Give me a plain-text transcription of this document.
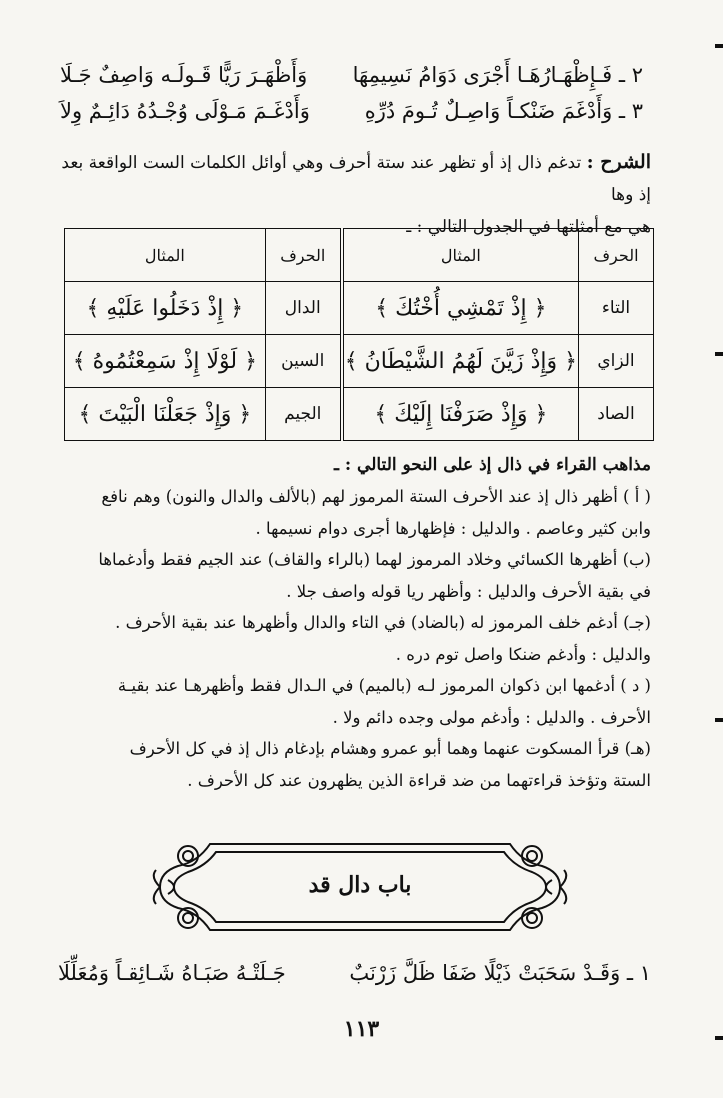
٢ ـ فَـإِظْهَـارُهَـا أَجْرَى دَوَامُ نَسِيمِهَا
وَأَظْهَـرَ رَيًّا قَـولَـه وَاصِفٌ جَـلَا
٣ ـ وَأَدْغَمَ ضَنْكـاً وَاصِـلٌ تُـومَ دُرِّهِ
وَأَدْغَـمَ مَـوْلَى وُجْـدُهُ دَائِـمٌ وِلاَ
الشرح : تدغم ذال إذ أو تظهر عند ستة أحرف وهي أوائل الكلمات الست الواقعة بعد إذ وها
هي مع أمثلتها في الجدول التالي : ـ
الحرف	المثال	الحرف	المثال
التاء	﴿ إِذْ تَمْشِي أُخْتُكَ ﴾	الدال	﴿ إِذْ دَخَلُوا عَلَيْهِ ﴾
الزاي	﴿ وَإِذْ زَيَّنَ لَهُمُ الشَّيْطَانُ ﴾	السين	﴿ لَوْلَا إِذْ سَمِعْتُمُوهُ ﴾
الصاد	﴿ وَإِذْ صَرَفْنَا إِلَيْكَ ﴾	الجيم	﴿ وَإِذْ جَعَلْنَا الْبَيْتَ ﴾
مذاهب القراء في ذال إذ على النحو التالي : ـ
( أ ) أظهر ذال إذ عند الأحرف الستة المرموز لهم (بالألف والدال والنون) وهم نافع
وابن كثير وعاصم . والدليل : فإظهارها أجرى دوام نسيمها .
(ب) أظهرها الكسائي وخلاد المرموز لهما (بالراء والقاف) عند الجيم فقط وأدغماها
في بقية الأحرف والدليل : وأظهر ريا قوله واصف جلا .
(جـ) أدغم خلف المرموز له (بالضاد) في التاء والدال وأظهرها عند بقية الأحرف .
والدليل : وأدغم ضنكا واصل توم دره .
( د ) أدغمها ابن ذكوان المرموز لـه (بالميم) في الـدال فقط وأظهرهـا عند بقيـة
الأحرف . والدليل : وأدغم مولى وجده دائم ولا .
(هـ) قرأ المسكوت عنهما وهما أبو عمرو وهشام بإدغام ذال إذ في كل الأحرف
الستة وتؤخذ قراءتهما من ضد قراءة الذين يظهرون عند كل الأحرف .
باب دال قد
١ ـ وَقَـدْ سَحَبَتْ ذَيْلًا ضَفَا ظَلَّ زَرْنَبٌ
جَـلَتْـهُ صَبَـاهُ شَـائِقـاً وَمُعَلِّلَا
١١٣
